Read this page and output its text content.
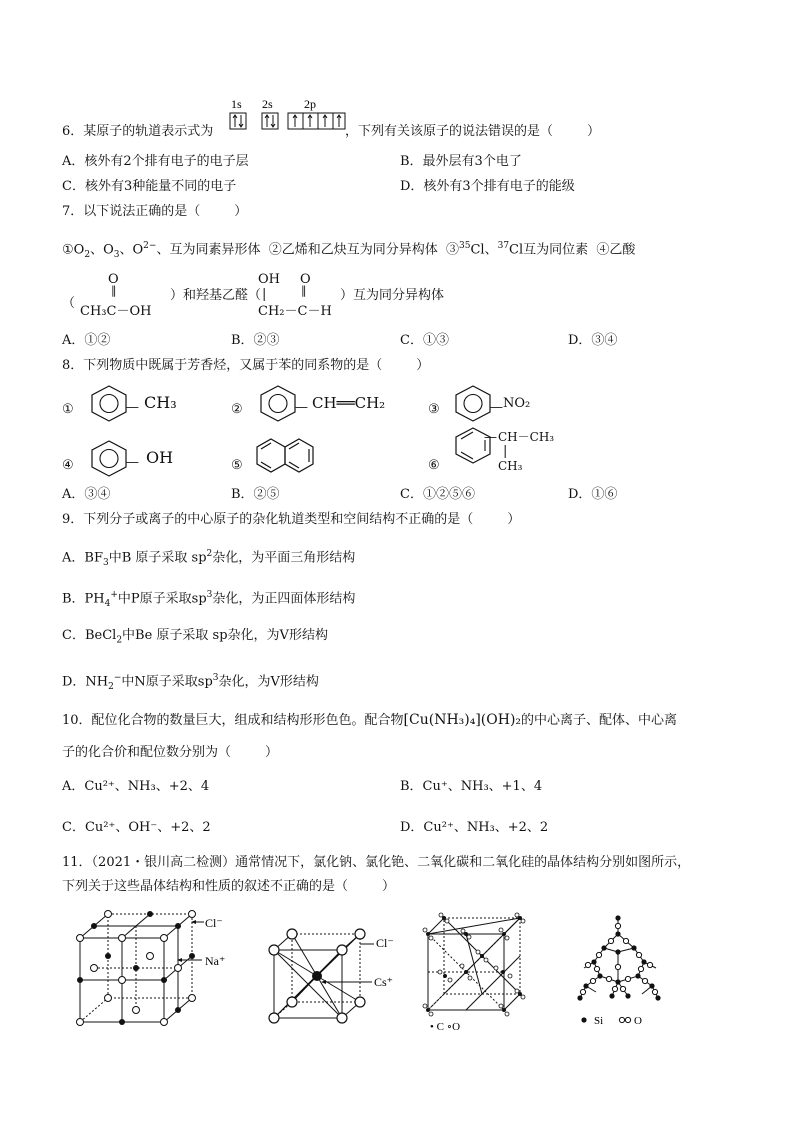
1s 2s	2p
6．某原子的轨道表示式为	，下列有关该原子的说法错误的是（	）
A．核外有2个排有电子的电子层	B．最外层有3个电了
C．核外有3种能量不同的电子	D．核外有3个排有电子的能级
7．以下说法正确的是（	）
$①O_2$、$O_3$、$O^{2-}$、互为同素异形体 ②乙烯和乙炔互为同分异构体 ③$^{35}$Cl、$^{37}$Cl互为同位素 ④乙酸
O
‖
（
CH₃C－OH
）和羟基乙醛（
OH O
|	‖
CH₂－C－H
）互为同分异构体
A．①②	B．②③	C．①③	D．③④
8．下列物质中既属于芳香烃，又属于苯的同系物的是（	）
①	②	③
④	⑤	⑥
— CH₃	— CH══CH₂	— NO₂
— OH
— CH－CH₃
|
CH₃
A．③④	B．②⑤	C．①②⑤⑥	D．①⑥
9．下列分子或离子的中心原子的杂化轨道类型和空间结构不正确的是（	）
A．$BF_3$中B 原子采取 $sp^2$杂化，为平面三角形结构
B．$PH_4^+$中P原子采取$sp^3$杂化，为正四面体形结构
C．BeCl$_2$中Be 原子采取 sp杂化，为V形结构
D．$NH_2^-$中N原子采取$sp^3$杂化，为V形结构
10．配位化合物的数量巨大，组成和结构形形色色。配合物[Cu(NH₃)₄](OH)₂的中心离子、配体、中心离
子的化合价和配位数分别为（	）
A．Cu²⁺、NH₃、+2、4	B．Cu⁺、NH₃、+1、4
C．Cu²⁺、OH⁻、+2、2	D．Cu²⁺、NH₃、+2、2
11．（2021・银川高二检测）通常情况下，氯化钠、氯化铯、二氧化碳和二氧化硅的晶体结构分别如图所示，
下列关于这些晶体结构和性质的叙述不正确的是（	）
Cl⁻
Na⁺
Cl⁻
Cs⁺
• C ∘O	Si	O
